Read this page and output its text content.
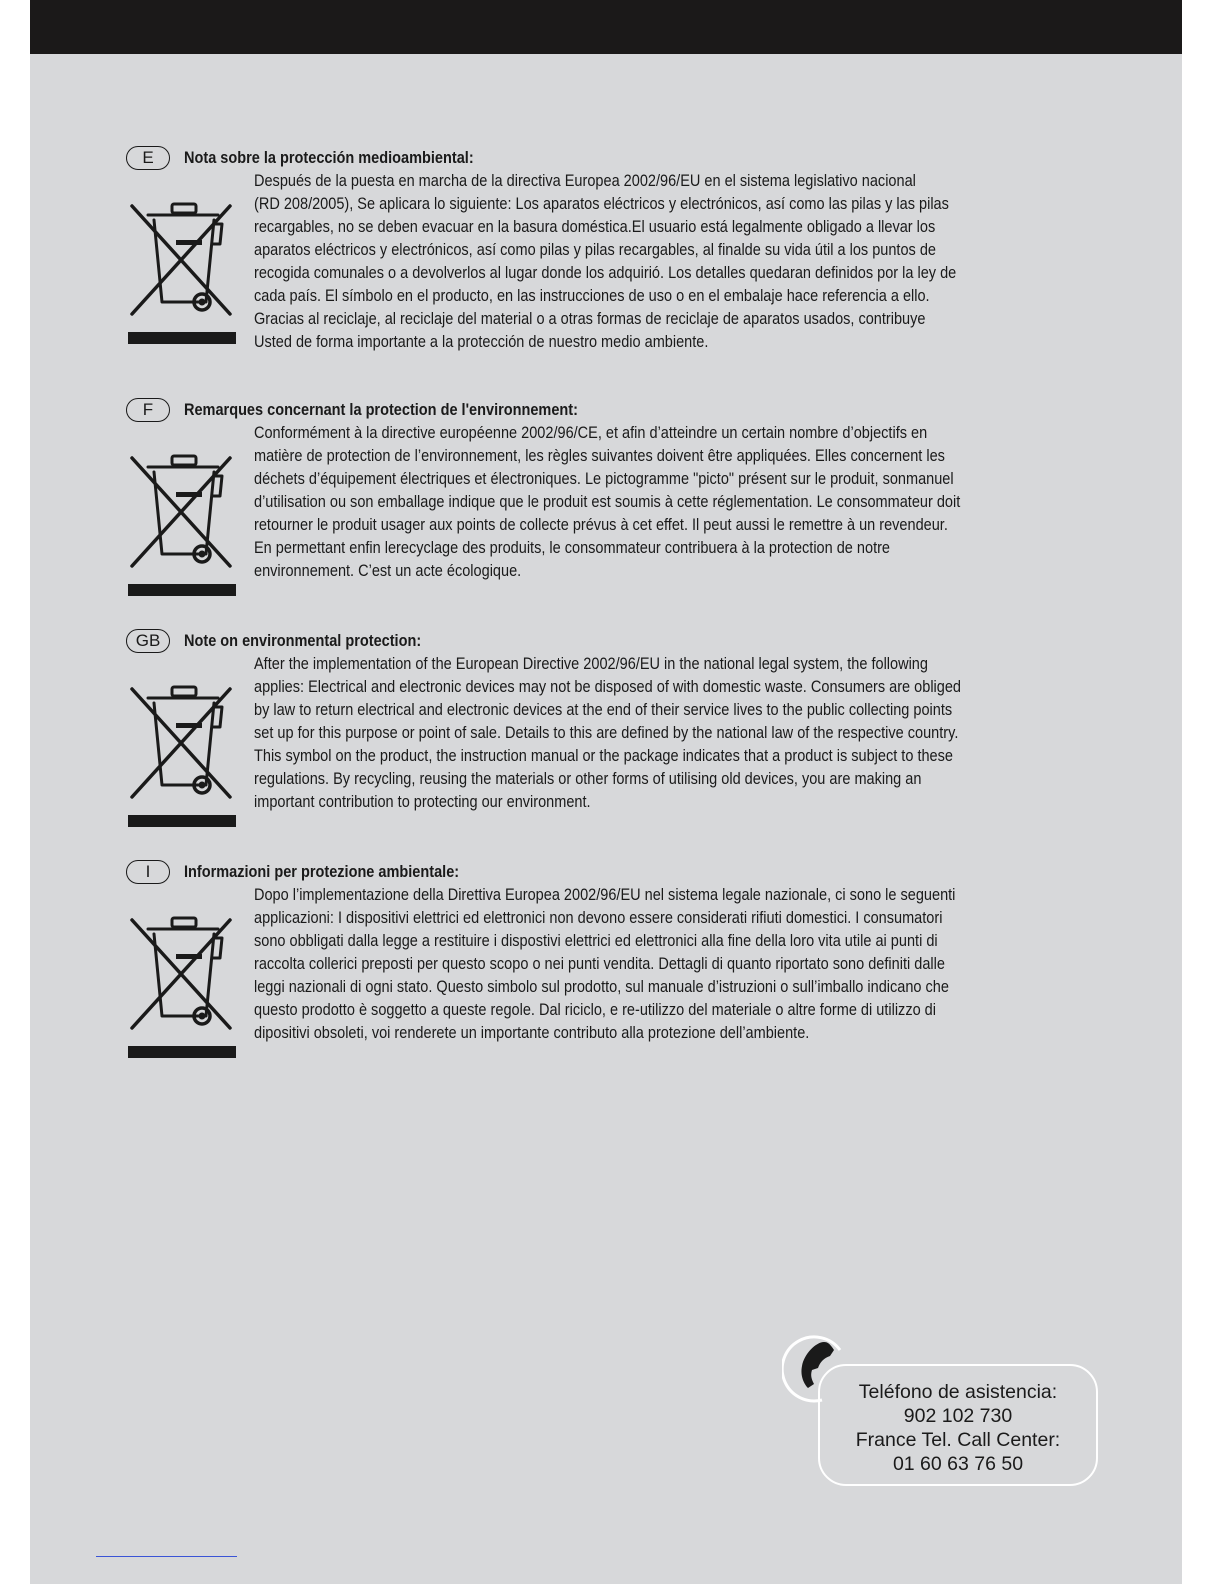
E	Nota sobre la protección medioambiental:
Después de la puesta en marcha de la directiva Europea 2002/96/EU en el sistema legislativo nacional
(RD 208/2005), Se aplicara lo siguiente: Los aparatos eléctricos y electrónicos, así como las pilas y las pilas
recargables, no se deben evacuar en la basura doméstica.El usuario está legalmente obligado a llevar los
aparatos eléctricos y electrónicos, así como pilas y pilas recargables, al finalde su vida útil a los puntos de
recogida comunales o a devolverlos al lugar donde los adquirió. Los detalles quedaran definidos por la ley de
cada país. El símbolo en el producto, en las instrucciones de uso o en el embalaje hace referencia a ello.
Gracias al reciclaje, al reciclaje del material o a otras formas de reciclaje de aparatos usados, contribuye
Usted de forma importante a la protección de nuestro medio ambiente.
F	Remarques concernant la protection de l'environnement:
Conformément à la directive européenne 2002/96/CE, et afin d’atteindre un certain nombre d’objectifs en
matière de protection de l’environnement, les règles suivantes doivent être appliquées. Elles concernent les
déchets d’équipement électriques et électroniques. Le pictogramme "picto" présent sur le produit, sonmanuel
d’utilisation ou son emballage indique que le produit est soumis à cette réglementation. Le consommateur doit
retourner le produit usager aux points de collecte prévus à cet effet. Il peut aussi le remettre à un revendeur.
En permettant enfin lerecyclage des produits, le consommateur contribuera à la protection de notre
environnement. C’est un acte écologique.
GB	Note on environmental protection:
After the implementation of the European Directive 2002/96/EU in the national legal system, the following
applies: Electrical and electronic devices may not be disposed of with domestic waste. Consumers are obliged
by law to return electrical and electronic devices at the end of their service lives to the public collecting points
set up for this purpose or point of sale. Details to this are defined by the national law of the respective country.
This symbol on the product, the instruction manual or the package indicates that a product is subject to these
regulations. By recycling, reusing the materials or other forms of utilising old devices, you are making an
important contribution to protecting our environment.
I	Informazioni per protezione ambientale:
Dopo l’implementazione della Direttiva Europea 2002/96/EU nel sistema legale nazionale, ci sono le seguenti
applicazioni: I dispositivi elettrici ed elettronici non devono essere considerati rifiuti domestici. I consumatori
sono obbligati dalla legge a restituire i dispostivi elettrici ed elettronici alla fine della loro vita utile ai punti di
raccolta collerici preposti per questo scopo o nei punti vendita. Dettagli di quanto riportato sono definiti dalle
leggi nazionali di ogni stato. Questo simbolo sul prodotto, sul manuale d’istruzioni o sull’imballo indicano che
questo prodotto è soggetto a queste regole. Dal riciclo, e re-utilizzo del materiale o altre forme di utilizzo di
dipositivi obsoleti, voi renderete un importante contributo alla protezione dell’ambiente.
Teléfono de asistencia:
902 102 730
France Tel. Call Center:
01 60 63 76 50
